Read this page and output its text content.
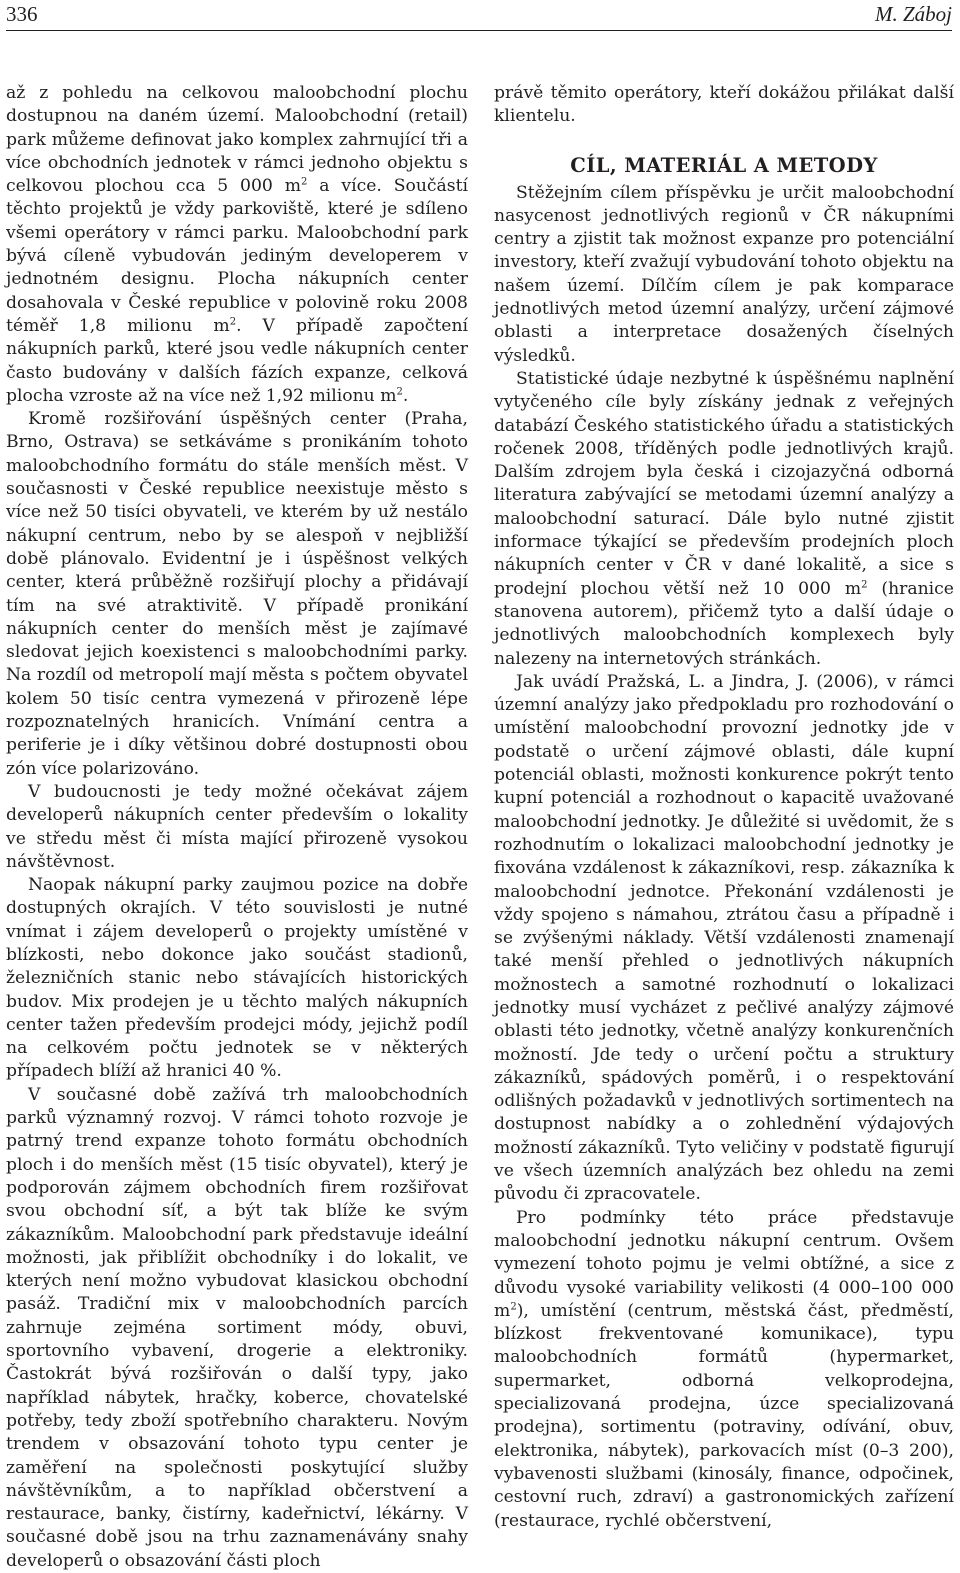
336	M. Záboj

až z pohledu na celkovou maloobchodní plochu dostupnou na daném území. Maloobchodní (retail) park můžeme definovat jako komplex zahrnující tři a více obchodních jednotek v rámci jednoho objektu s celkovou plochou cca 5 000 $m^2$ a více. Součástí těchto projektů je vždy parkoviště, které je sdíleno všemi operátory v rámci parku. Maloobchodní park bývá cíleně vybudován jediným developerem v jednotném designu. Plocha nákupních center dosahovala v České republice v polovině roku 2008 téměř 1,8 milionu $m^2$. V případě započtení nákupních parků, které jsou vedle nákupních center často budovány v dalších fázích expanze, celková plocha vzroste až na více než 1,92 milionu $m^2$.

Kromě rozšiřování úspěšných center (Praha, Brno, Ostrava) se setkáváme s pronikáním tohoto maloobchodního formátu do stále menších měst. V současnosti v České republice neexistuje město s více než 50 tisíci obyvateli, ve kterém by už nestálo nákupní centrum, nebo by se alespoň v nejbližší době plánovalo. Evidentní je i úspěšnost velkých center, která průběžně rozšiřují plochy a přidávají tím na své atraktivitě. V případě pronikání nákupních center do menších měst je zajímavé sledovat jejich koexistenci s maloobchodními parky. Na rozdíl od metropolí mají města s počtem obyvatel kolem 50 tisíc centra vymezená v přirozeně lépe rozpoznatelných hranicích. Vnímání centra a periferie je i díky většinou dobré dostupnosti obou zón více polarizováno.

V budoucnosti je tedy možné očekávat zájem developerů nákupních center především o lokality ve středu měst či místa mající přirozeně vysokou návštěvnost.

Naopak nákupní parky zaujmou pozice na dobře dostupných okrajích. V této souvislosti je nutné vnímat i zájem developerů o projekty umístěné v blízkosti, nebo dokonce jako součást stadionů, železničních stanic nebo stávajících historických budov. Mix prodejen je u těchto malých nákupních center tažen především prodejci módy, jejichž podíl na celkovém počtu jednotek se v některých případech blíží až hranici 40 %.

V současné době zažívá trh maloobchodních parků významný rozvoj. V rámci tohoto rozvoje je patrný trend expanze tohoto formátu obchodních ploch i do menších měst (15 tisíc obyvatel), který je podporován zájmem obchodních firem rozšiřovat svou obchodní síť, a být tak blíže ke svým zákazníkům. Maloobchodní park představuje ideální možnosti, jak přiblížit obchodníky i do lokalit, ve kterých není možno vybudovat klasickou obchodní pasáž. Tradiční mix v maloobchodních parcích zahrnuje zejména sortiment módy, obuvi, sportovního vybavení, drogerie a elektroniky. Častokrát bývá rozšiřován o další typy, jako například nábytek, hračky, koberce, chovatelské potřeby, tedy zboží spotřebního charakteru. Novým trendem v obsazování tohoto typu center je zaměření na společnosti poskytující služby návštěvníkům, a to například občerstvení a restaurace, banky, čistírny, kadeřnictví, lékárny. V současné době jsou na trhu zaznamenávány snahy developerů o obsazování části ploch

právě těmito operátory, kteří dokážou přilákat další klientelu.

CÍL, MATERIÁL A METODY

Stěžejním cílem příspěvku je určit maloobchodní nasycenost jednotlivých regionů v ČR nákupními centry a zjistit tak možnost expanze pro potenciální investory, kteří zvažují vybudování tohoto objektu na našem území. Dílčím cílem je pak komparace jednotlivých metod územní analýzy, určení zájmové oblasti a interpretace dosažených číselných výsledků.

Statistické údaje nezbytné k úspěšnému naplnění vytyčeného cíle byly získány jednak z veřejných databází Českého statistického úřadu a statistických ročenek 2008, tříděných podle jednotlivých krajů. Dalším zdrojem byla česká i cizojazyčná odborná literatura zabývající se metodami územní analýzy a maloobchodní saturací. Dále bylo nutné zjistit informace týkající se především prodejních ploch nákupních center v ČR v dané lokalitě, a sice s prodejní plochou větší než 10 000 $m^2$ (hranice stanovena autorem), přičemž tyto a další údaje o jednotlivých maloobchodních komplexech byly nalezeny na internetových stránkách.

Jak uvádí Pražská, L. a Jindra, J. (2006), v rámci územní analýzy jako předpokladu pro rozhodování o umístění maloobchodní provozní jednotky jde v podstatě o určení zájmové oblasti, dále kupní potenciál oblasti, možnosti konkurence pokrýt tento kupní potenciál a rozhodnout o kapacitě uvažované maloobchodní jednotky. Je důležité si uvědomit, že s rozhodnutím o lokalizaci maloobchodní jednotky je fixována vzdálenost k zákazníkovi, resp. zákazníka k maloobchodní jednotce. Překonání vzdálenosti je vždy spojeno s námahou, ztrátou času a případně i se zvýšenými náklady. Větší vzdálenosti znamenají také menší přehled o jednotlivých nákupních možnostech a samotné rozhodnutí o lokalizaci jednotky musí vycházet z pečlivé analýzy zájmové oblasti této jednotky, včetně analýzy konkurenčních možností. Jde tedy o určení počtu a struktury zákazníků, spádových poměrů, i o respektování odlišných požadavků v jednotlivých sortimentech na dostupnost nabídky a o zohlednění výdajových možností zákazníků. Tyto veličiny v podstatě figurují ve všech územních analýzách bez ohledu na zemi původu či zpracovatele.

Pro podmínky této práce představuje maloobchodní jednotku nákupní centrum. Ovšem vymezení tohoto pojmu je velmi obtížné, a sice z důvodu vysoké variability velikosti (4 000–100 000 $m^2$), umístění (centrum, městská část, předměstí, blízkost frekventované komunikace), typu maloobchodních formátů (hypermarket, supermarket, odborná velkoprodejna, specializovaná prodejna, úzce specializovaná prodejna), sortimentu (potraviny, odívání, obuv, elektronika, nábytek), parkovacích míst (0–3 200), vybavenosti službami (kinosály, finance, odpočinek, cestovní ruch, zdraví) a gastronomických zařízení (restaurace, rychlé občerstvení,
